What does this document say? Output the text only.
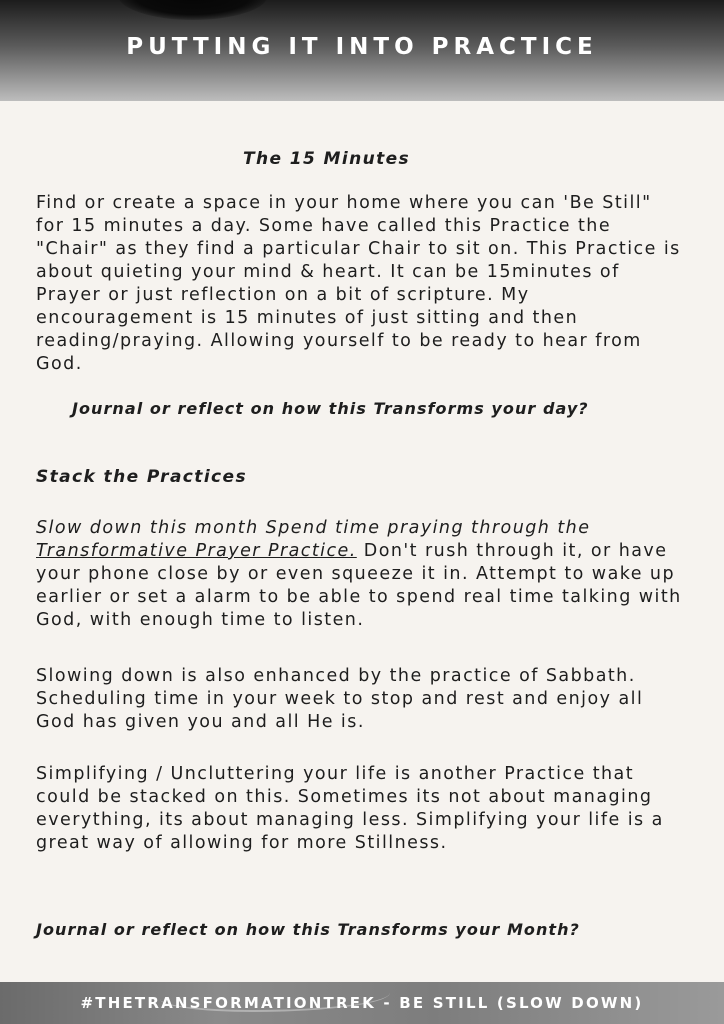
PUTTING IT INTO PRACTICE
The 15 Minutes

Find or create a space in your home where you can 'Be Still" for 15 minutes a day. Some have called this Practice the "Chair" as they find a particular Chair to sit on. This Practice is about quieting your mind & heart. It can be 15minutes of Prayer or just reflection on a bit of scripture. My encouragement is 15 minutes of just sitting and then reading/praying. Allowing yourself to be ready to hear from God.

Journal or reflect on how this Transforms your day?
Stack the Practices

Slow down this month Spend time praying through the Transformative Prayer Practice. Don't rush through it, or have your phone close by or even squeeze it in. Attempt to wake up earlier or set a alarm to be able to spend real time talking with God, with enough time to listen.

Slowing down is also enhanced by the practice of Sabbath. Scheduling time in your week to stop and rest and enjoy all God has given you and all He is.

Simplifying / Uncluttering your life is another Practice that could be stacked on this. Sometimes its not about managing everything, its about managing less. Simplifying your life is a great way of allowing for more Stillness.

Journal or reflect on how this Transforms your Month?
#THETRANSFORMATIONTREK - BE STILL (SLOW DOWN)
